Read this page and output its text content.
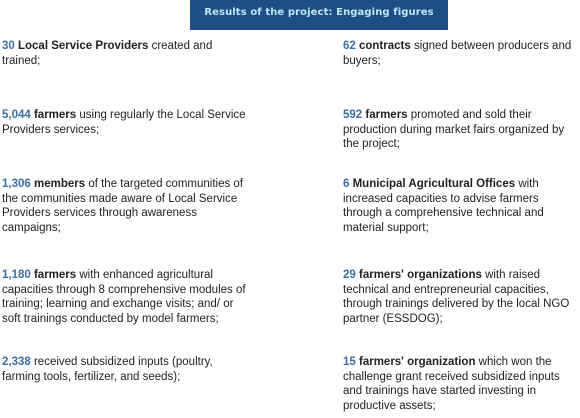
Results of the project: Engaging figures
30 Local Service Providers created and trained;
5,044 farmers using regularly the Local Service Providers services;
1,306 members of the targeted communities of the communities made aware of Local Service Providers services through awareness campaigns;
1,180 farmers with enhanced agricultural capacities through 8 comprehensive modules of training; learning and exchange visits; and/ or soft trainings conducted by model farmers;
2,338 received subsidized inputs (poultry, farming tools, fertilizer, and seeds);
62 contracts signed between producers and buyers;
592 farmers promoted and sold their production during market fairs organized by the project;
6 Municipal Agricultural Offices with increased capacities to advise farmers through a comprehensive technical and material support;
29 farmers' organizations with raised technical and entrepreneurial capacities, through trainings delivered by the local NGO partner (ESSDOG);
15 farmers' organization which won the challenge grant received subsidized inputs and trainings have started investing in productive assets;
